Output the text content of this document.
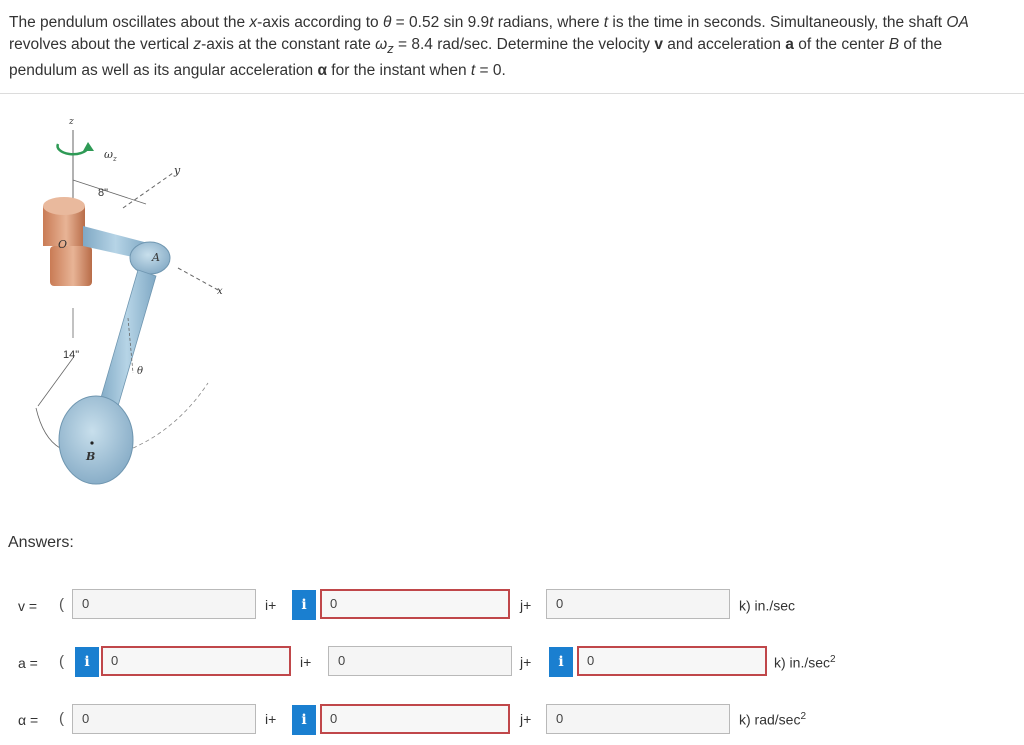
The pendulum oscillates about the x-axis according to θ = 0.52 sin 9.9t radians, where t is the time in seconds. Simultaneously, the shaft OA revolves about the vertical z-axis at the constant rate $\omega_z = 8.4$ rad/sec. Determine the velocity v and acceleration a of the center B of the pendulum as well as its angular acceleration α for the instant when t = 0.
z
$\omega_z$
y
8"
x
O
A
14"
θ
B
Answers:
v = (	0	i+	i	0	j+	0	k) in./sec
a = (	i	0	i+	0	j+	i	0	k) $in./\sec^2$
α = (	0	i+	i	0	j+	0	k) rad/$\sec^2$
